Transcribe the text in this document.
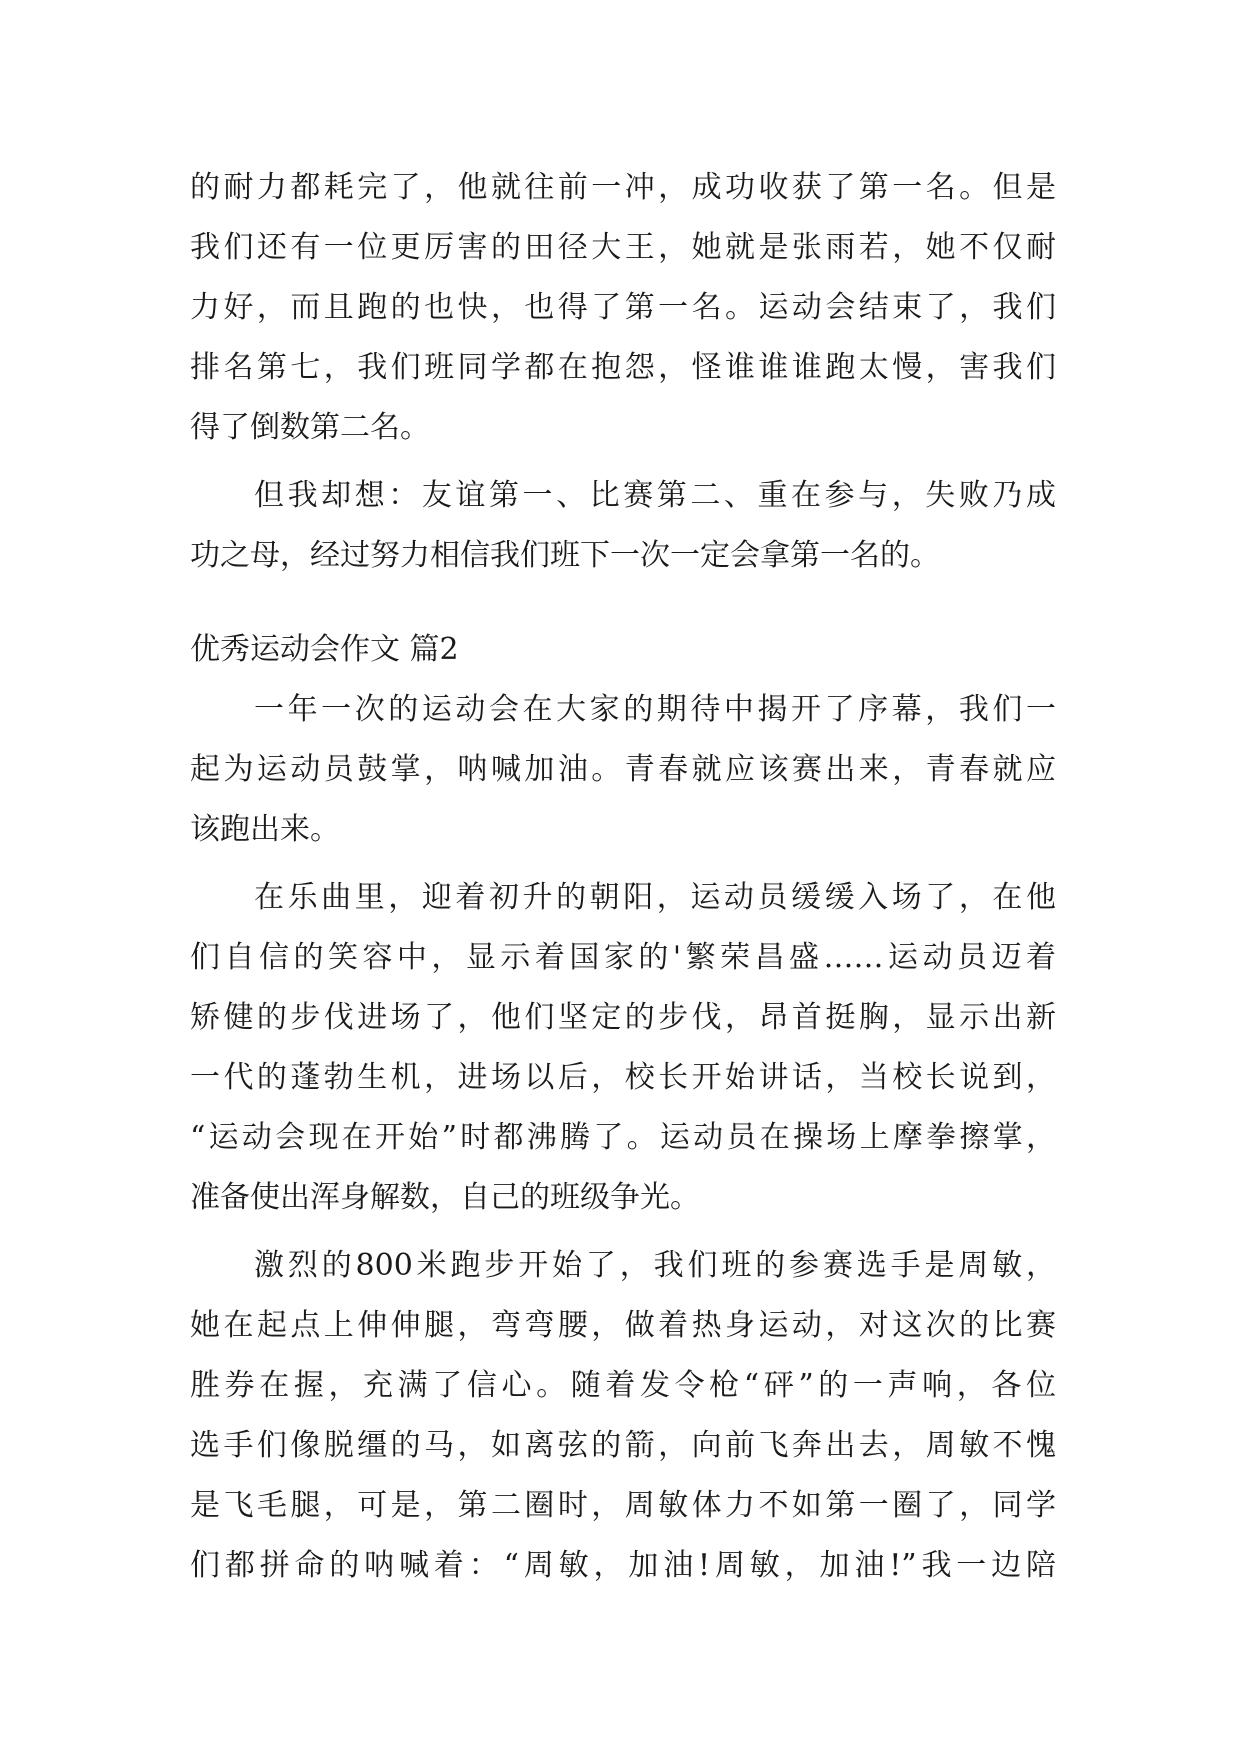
的耐力都耗完了，他就往前一冲，成功收获了第一名。但是
我们还有一位更厉害的田径大王，她就是张雨若，她不仅耐
力好，而且跑的也快，也得了第一名。运动会结束了，我们
排名第七，我们班同学都在抱怨，怪谁谁谁跑太慢，害我们
得了倒数第二名。
但我却想：友谊第一、比赛第二、重在参与，失败乃成
功之母，经过努力相信我们班下一次一定会拿第一名的。
优秀运动会作文 篇2
一年一次的运动会在大家的期待中揭开了序幕，我们一
起为运动员鼓掌，呐喊加油。青春就应该赛出来，青春就应
该跑出来。
在乐曲里，迎着初升的朝阳，运动员缓缓入场了，在他
们自信的笑容中，显示着国家的'繁荣昌盛……运动员迈着
矫健的步伐进场了，他们坚定的步伐，昂首挺胸，显示出新
一代的蓬勃生机，进场以后，校长开始讲话，当校长说到，
“运动会现在开始”时都沸腾了。运动员在操场上摩拳擦掌，
准备使出浑身解数，自己的班级争光。
激烈的800米跑步开始了，我们班的参赛选手是周敏，
她在起点上伸伸腿，弯弯腰，做着热身运动，对这次的比赛
胜券在握，充满了信心。随着发令枪“砰”的一声响，各位
选手们像脱缰的马，如离弦的箭，向前飞奔出去，周敏不愧
是飞毛腿，可是，第二圈时，周敏体力不如第一圈了，同学
们都拼命的呐喊着：“周敏，加油!周敏，加油!”我一边陪
